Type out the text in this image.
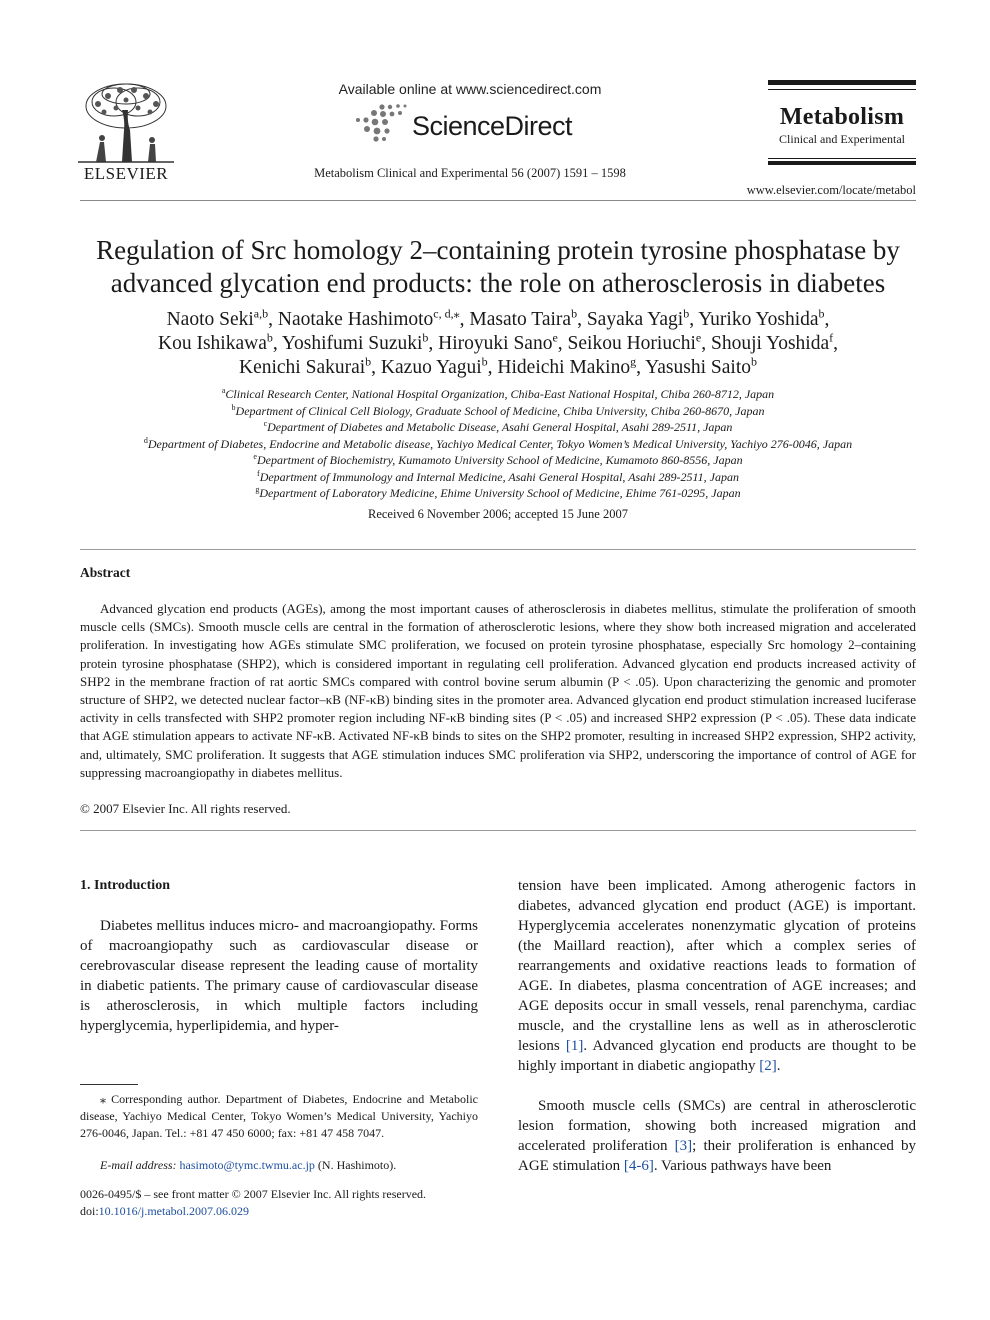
ELSEVIER
Available online at www.sciencedirect.com
ScienceDirect
Metabolism Clinical and Experimental 56 (2007) 1591 – 1598
Metabolism
Clinical and Experimental
www.elsevier.com/locate/metabol
Regulation of Src homology 2–containing protein tyrosine phosphatase by advanced glycation end products: the role on atherosclerosis in diabetes
Naoto Seki$^{a,b}$, Naotake Hashimoto$^{c, d,⁎}$, Masato Taira$^b$, Sayaka Yagi$^b$, Yuriko Yoshida$^b$,
Kou Ishikawa$^b$, Yoshifumi Suzuki$^b$, Hiroyuki Sano$^e$, Seikou Horiuchi$^e$, Shouji Yoshida$^f$,
Kenichi Sakurai$^b$, Kazuo Yagui$^b$, Hideichi Makino$^g$, Yasushi Saito$^b$
$^a$Clinical Research Center, National Hospital Organization, Chiba-East National Hospital, Chiba 260-8712, Japan
$^b$Department of Clinical Cell Biology, Graduate School of Medicine, Chiba University, Chiba 260-8670, Japan
$^c$Department of Diabetes and Metabolic Disease, Asahi General Hospital, Asahi 289-2511, Japan
$^d$Department of Diabetes, Endocrine and Metabolic disease, Yachiyo Medical Center, Tokyo Women’s Medical University, Yachiyo 276-0046, Japan
$^e$Department of Biochemistry, Kumamoto University School of Medicine, Kumamoto 860-8556, Japan
$^f$Department of Immunology and Internal Medicine, Asahi General Hospital, Asahi 289-2511, Japan
$^g$Department of Laboratory Medicine, Ehime University School of Medicine, Ehime 761-0295, Japan
Received 6 November 2006; accepted 15 June 2007
Abstract
Advanced glycation end products (AGEs), among the most important causes of atherosclerosis in diabetes mellitus, stimulate the proliferation of smooth muscle cells (SMCs). Smooth muscle cells are central in the formation of atherosclerotic lesions, where they show both increased migration and accelerated proliferation. In investigating how AGEs stimulate SMC proliferation, we focused on protein tyrosine phosphatase, especially Src homology 2–containing protein tyrosine phosphatase (SHP2), which is considered important in regulating cell proliferation. Advanced glycation end products increased activity of SHP2 in the membrane fraction of rat aortic SMCs compared with control bovine serum albumin (P < .05). Upon characterizing the genomic and promoter structure of SHP2, we detected nuclear factor–κB (NF-κB) binding sites in the promoter area. Advanced glycation end product stimulation increased luciferase activity in cells transfected with SHP2 promoter region including NF-κB binding sites (P < .05) and increased SHP2 expression (P < .05). These data indicate that AGE stimulation appears to activate NF-κB. Activated NF-κB binds to sites on the SHP2 promoter, resulting in increased SHP2 expression, SHP2 activity, and, ultimately, SMC proliferation. It suggests that AGE stimulation induces SMC proliferation via SHP2, underscoring the importance of control of AGE for suppressing macroangiopathy in diabetes mellitus.
© 2007 Elsevier Inc. All rights reserved.
1. Introduction
Diabetes mellitus induces micro- and macroangiopathy. Forms of macroangiopathy such as cardiovascular disease or cerebrovascular disease represent the leading cause of mortality in diabetic patients. The primary cause of cardiovascular disease is atherosclerosis, in which multiple factors including hyperglycemia, hyperlipidemia, and hyper-
tension have been implicated. Among atherogenic factors in diabetes, advanced glycation end product (AGE) is important. Hyperglycemia accelerates nonenzymatic glycation of proteins (the Maillard reaction), after which a complex series of rearrangements and oxidative reactions leads to formation of AGE. In diabetes, plasma concentration of AGE increases; and AGE deposits occur in small vessels, renal parenchyma, cardiac muscle, and the crystalline lens as well as in atherosclerotic lesions [1]. Advanced glycation end products are thought to be highly important in diabetic angiopathy [2].
Smooth muscle cells (SMCs) are central in atherosclerotic lesion formation, showing both increased migration and accelerated proliferation [3]; their proliferation is enhanced by AGE stimulation [4-6]. Various pathways have been
⁎ Corresponding author. Department of Diabetes, Endocrine and Metabolic disease, Yachiyo Medical Center, Tokyo Women’s Medical University, Yachiyo 276-0046, Japan. Tel.: +81 47 450 6000; fax: +81 47 458 7047.
E-mail address: hasimoto@tymc.twmu.ac.jp (N. Hashimoto).
0026-0495/$ – see front matter © 2007 Elsevier Inc. All rights reserved.
doi:10.1016/j.metabol.2007.06.029
